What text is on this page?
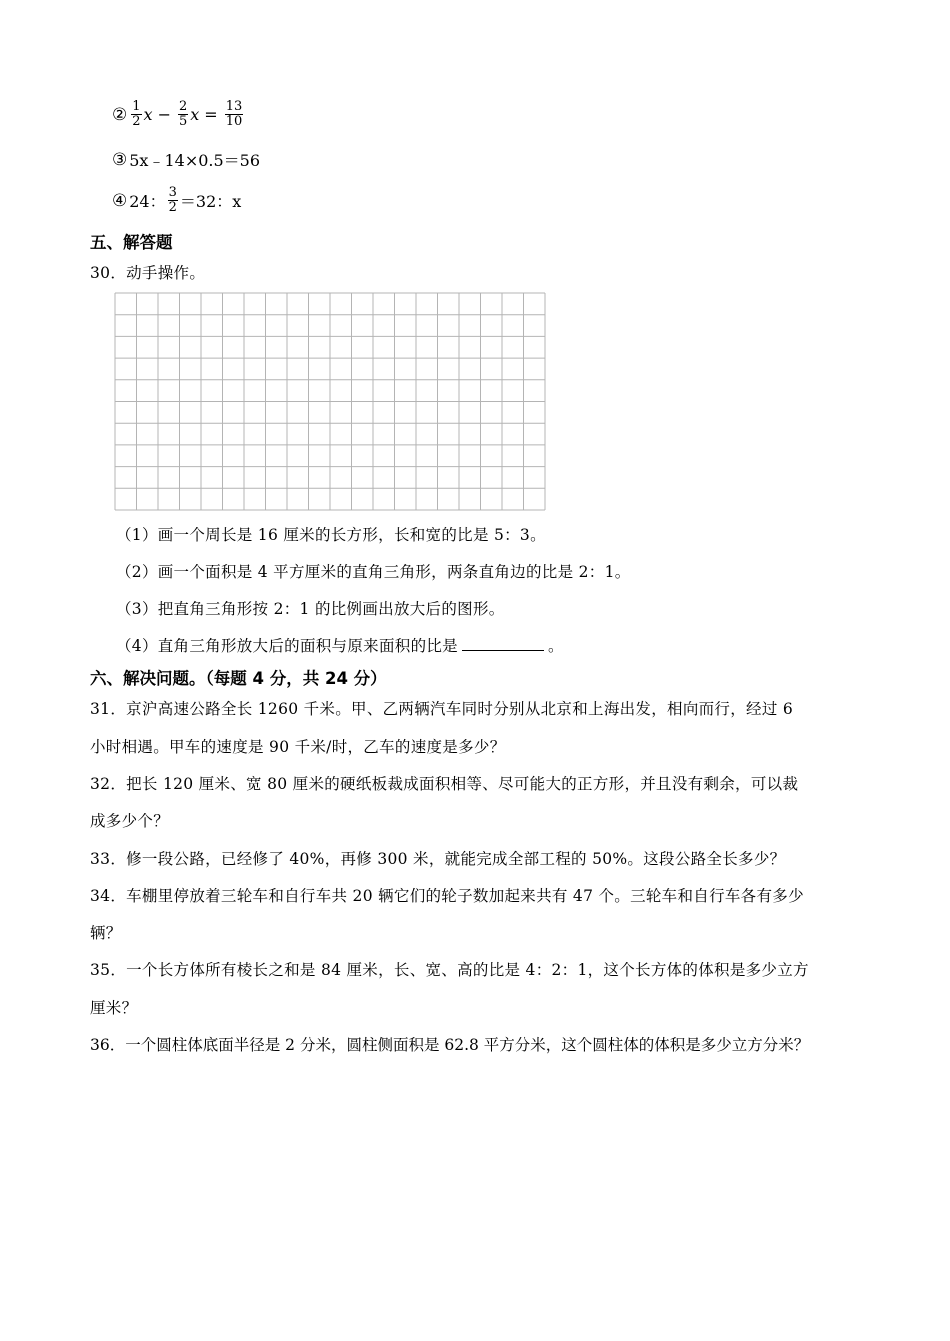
② $\frac{1}{2}$ $x - \frac{2}{5}$ $x = \frac{13}{10}$
③ 5x﹣14×0.5＝56
④ 24： $\frac{3}{2} =32$：x
五、解答题
30．动手操作。
（1）画一个周长是 16 厘米的长方形，长和宽的比是 5：3。
（2）画一个面积是 4 平方厘米的直角三角形，两条直角边的比是 2：1。
（3）把直角三角形按 2：1 的比例画出放大后的图形。
（4）直角三角形放大后的面积与原来面积的比是	。
六、解决问题。（每题 4 分，共 24 分）
31．京沪高速公路全长 1260 千米。甲、乙两辆汽车同时分别从北京和上海出发，相向而行，经过 6
小时相遇。甲车的速度是 90 千米/时，乙车的速度是多少？
32．把长 120 厘米、宽 80 厘米的硬纸板裁成面积相等、尽可能大的正方形，并且没有剩余，可以裁
成多少个？
33．修一段公路，已经修了 40%，再修 300 米，就能完成全部工程的 50%。这段公路全长多少？
34．车棚里停放着三轮车和自行车共 20 辆它们的轮子数加起来共有 47 个。三轮车和自行车各有多少
辆？
35．一个长方体所有棱长之和是 84 厘米，长、宽、高的比是 4：2：1，这个长方体的体积是多少立方
厘米？
36．一个圆柱体底面半径是 2 分米，圆柱侧面积是 62.8 平方分米，这个圆柱体的体积是多少立方分米？
